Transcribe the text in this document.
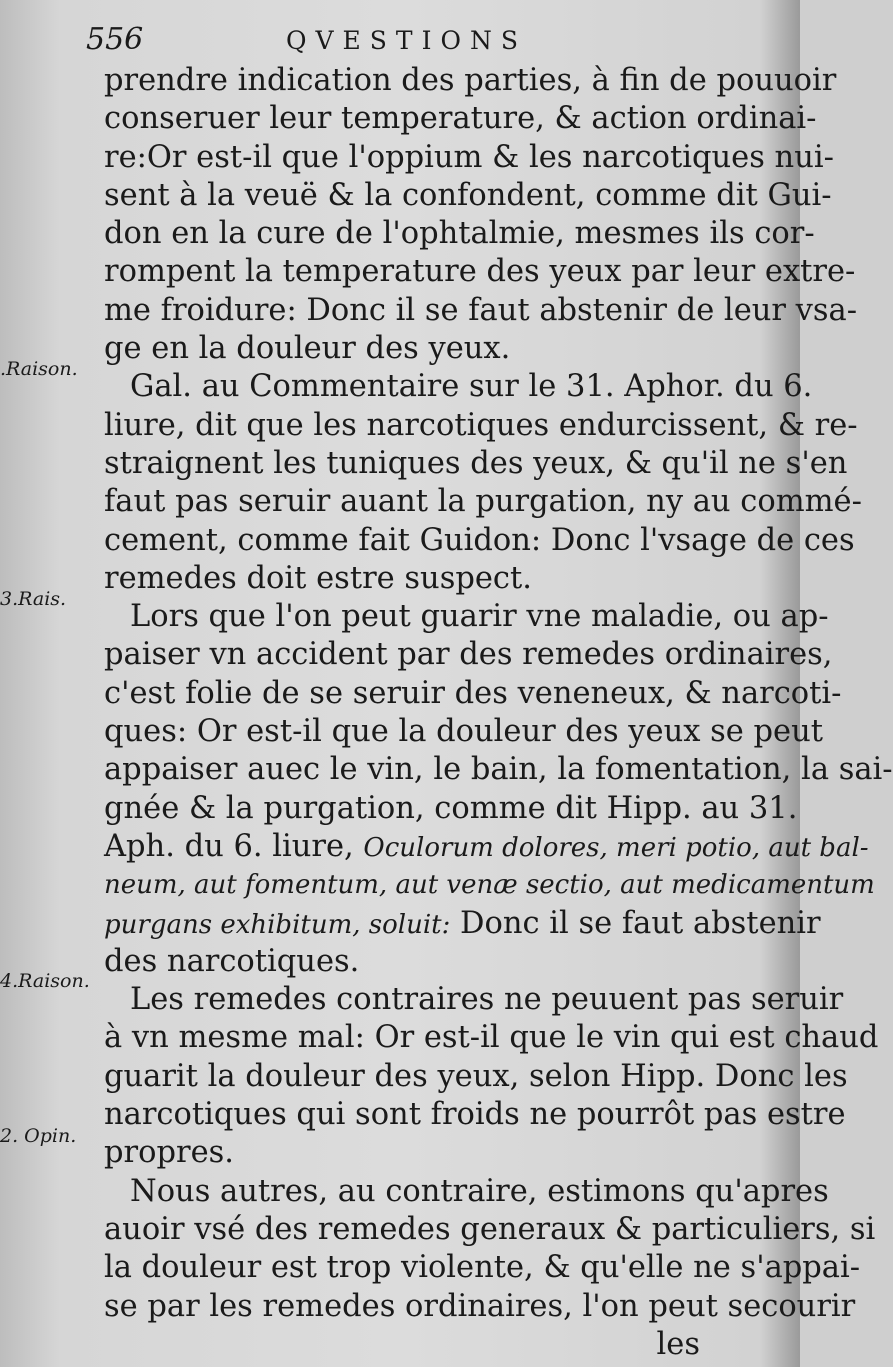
556	QVESTIONS
.Raison.
3.Rais.
4.Raison.
2. Opin.
prendre indication des parties, à fin de pouuoir
conseruer leur temperature, & action ordinai-
re:Or est-il que l'oppium & les narcotiques nui-
sent à la veuë & la confondent, comme dit Gui-
don en la cure de l'ophtalmie, mesmes ils cor-
rompent la temperature des yeux par leur extre-
me froidure: Donc il se faut abstenir de leur vsa-
ge en la douleur des yeux.
Gal. au Commentaire sur le 31. Aphor. du 6.
liure, dit que les narcotiques endurcissent, & re-
straignent les tuniques des yeux, & qu'il ne s'en
faut pas seruir auant la purgation, ny au commé-
cement, comme fait Guidon: Donc l'vsage de ces
remedes doit estre suspect.
Lors que l'on peut guarir vne maladie, ou ap-
paiser vn accident par des remedes ordinaires,
c'est folie de se seruir des veneneux, & narcoti-
ques: Or est-il que la douleur des yeux se peut
appaiser auec le vin, le bain, la fomentation, la sai-
gnée & la purgation, comme dit Hipp. au 31.
Aph. du 6. liure, Oculorum dolores, meri potio, aut bal-
neum, aut fomentum, aut venæ sectio, aut medicamentum
purgans exhibitum, soluit: Donc il se faut abstenir
des narcotiques.
Les remedes contraires ne peuuent pas seruir
à vn mesme mal: Or est-il que le vin qui est chaud
guarit la douleur des yeux, selon Hipp. Donc les
narcotiques qui sont froids ne pourrôt pas estre
propres.
Nous autres, au contraire, estimons qu'apres
auoir vsé des remedes generaux & particuliers, si
la douleur est trop violente, & qu'elle ne s'appai-
se par les remedes ordinaires, l'on peut secourir
les
